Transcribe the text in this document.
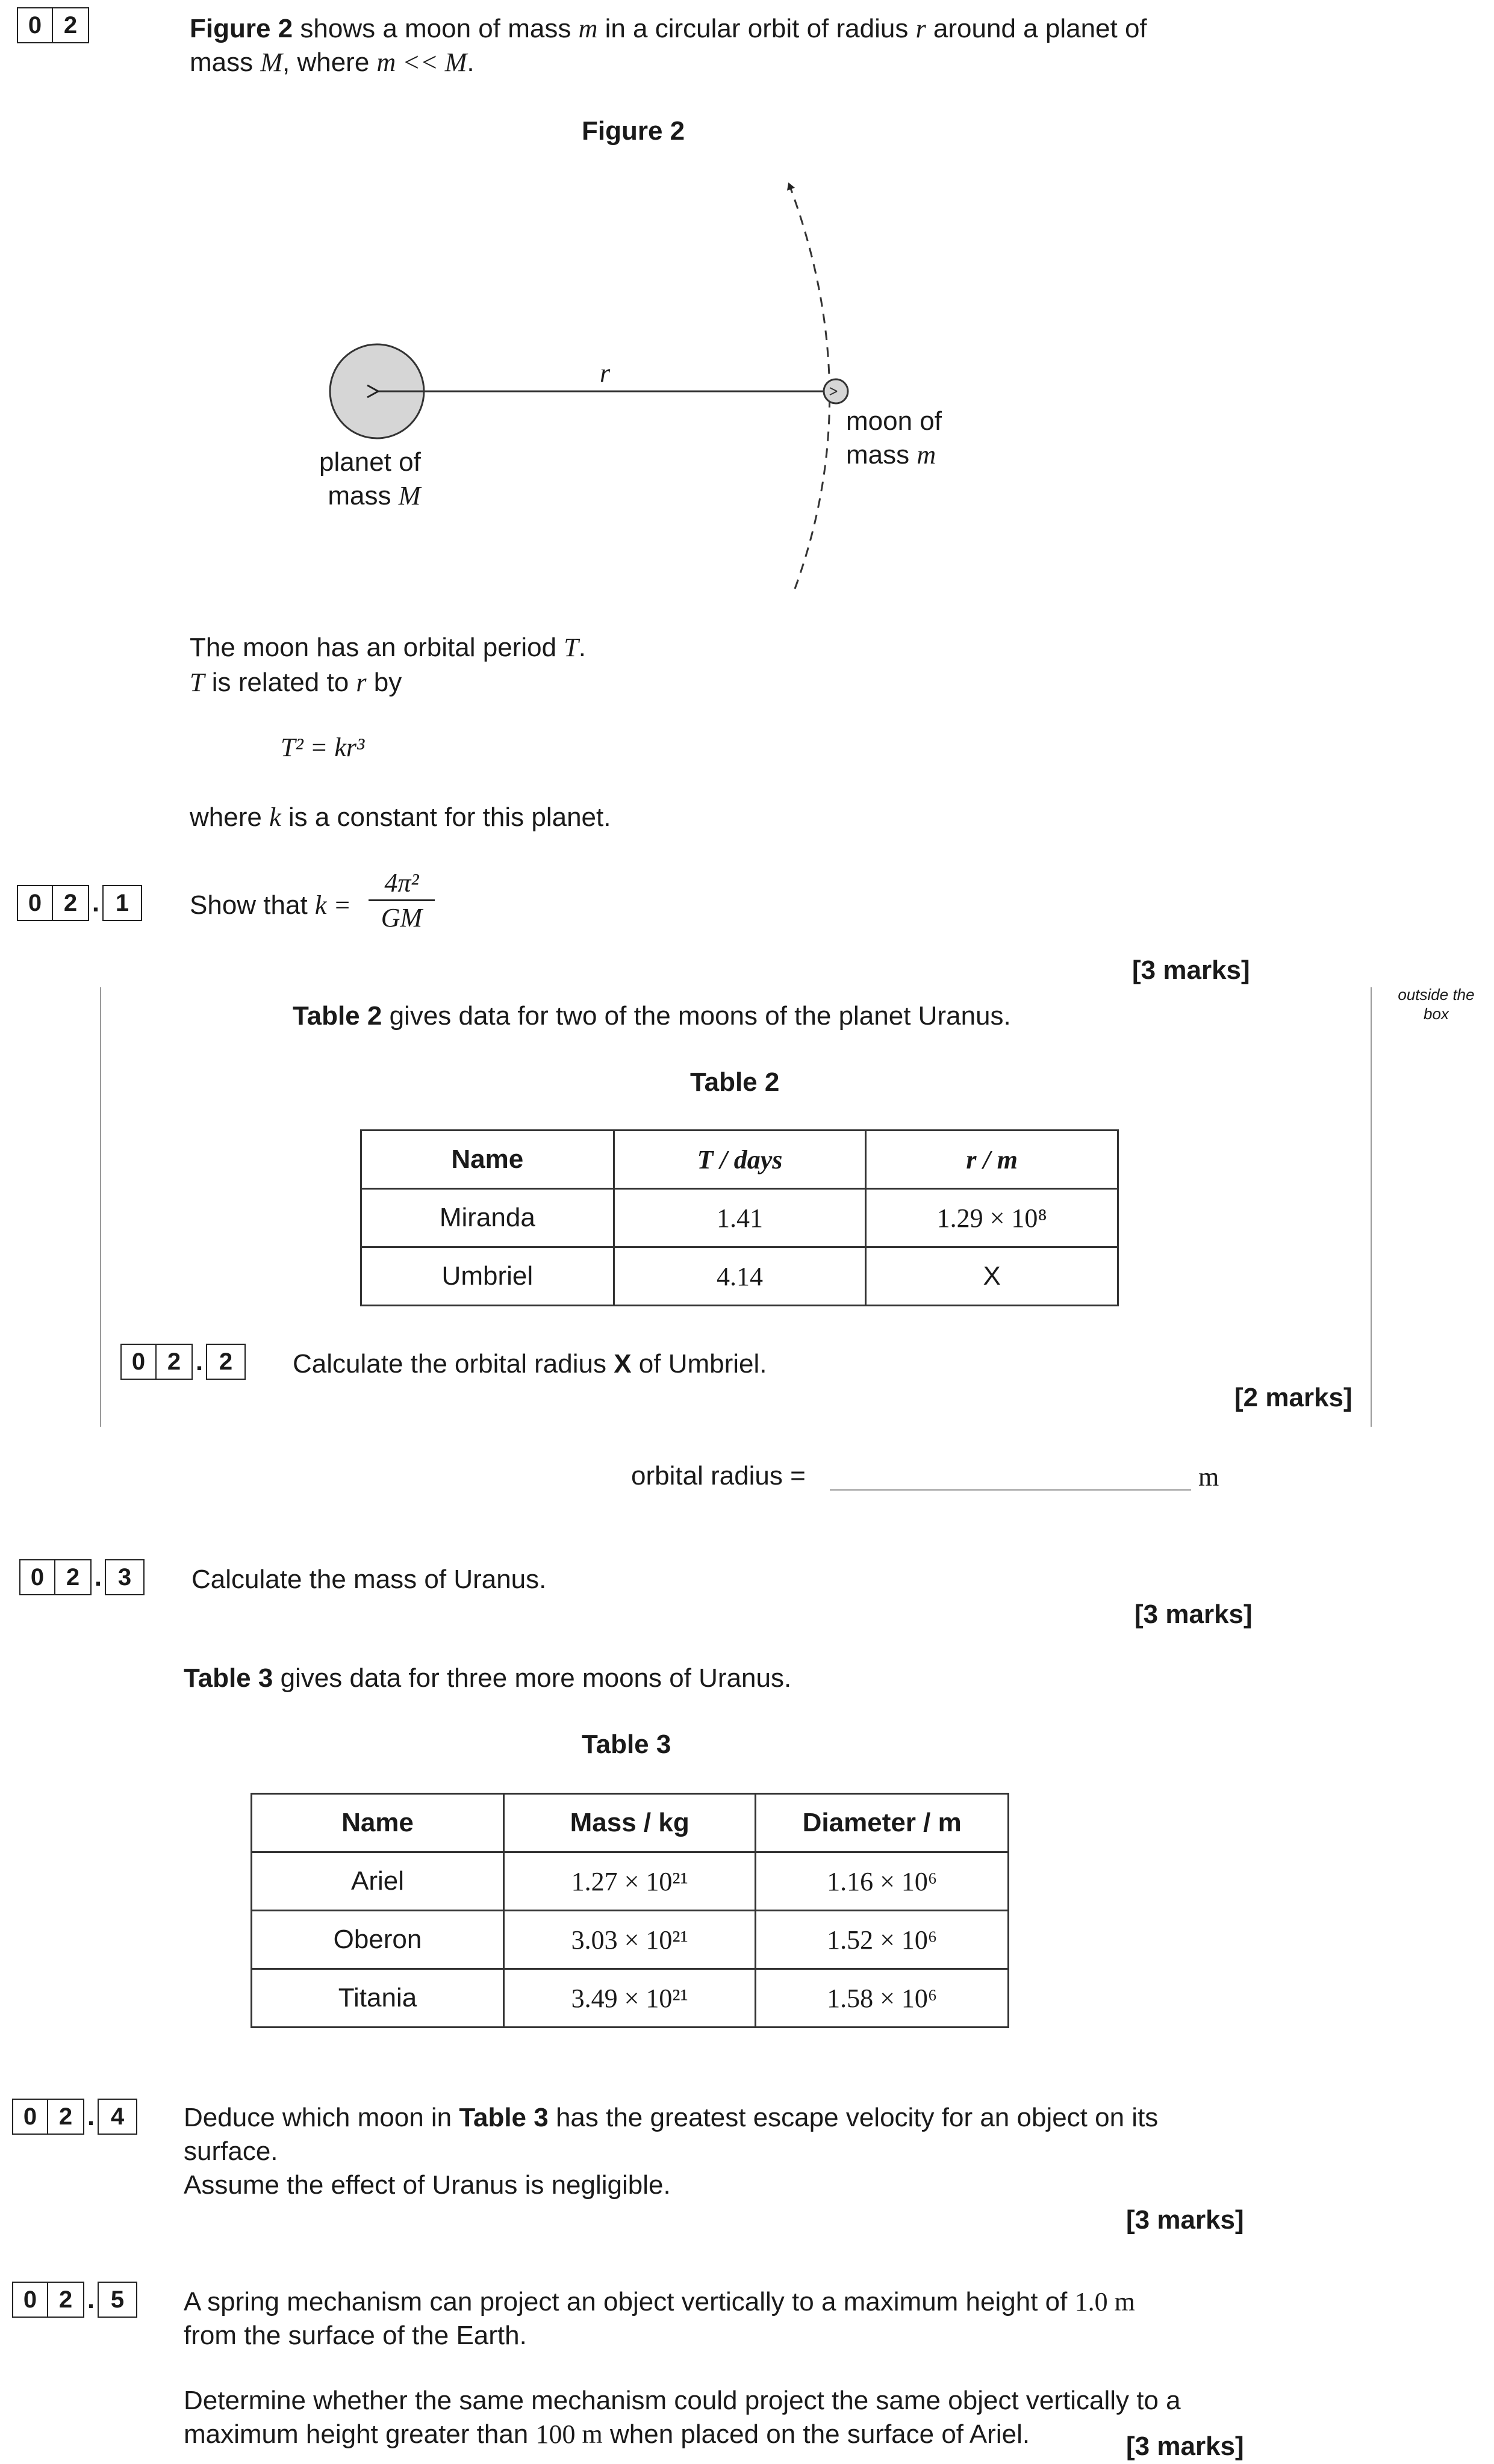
0 2	Figure 2 shows a moon of mass m in a circular orbit of radius r around a planet of
mass M, where m << M.
Figure 2
r
planet of
mass M
moon of
mass m
The moon has an orbital period T.
T is related to r by
T² = kr³
where k is a constant for this planet.
0 2 . 1	Show that k =
4π²
GM
[3 marks]
outside the box
Table 2 gives data for two of the moons of the planet Uranus.
Table 2
Name	T / days	r / m
Miranda	1.41	1.29 × 10⁸
Umbriel	4.14	X
0 2 . 2	Calculate the orbital radius X of Umbriel.
[2 marks]
orbital radius =	m
0 2 . 3	Calculate the mass of Uranus.
[3 marks]
Table 3 gives data for three more moons of Uranus.
Table 3
Name	Mass / kg	Diameter / m
Ariel	1.27 × 10²¹	1.16 × 10⁶
Oberon	3.03 × 10²¹	1.52 × 10⁶
Titania	3.49 × 10²¹	1.58 × 10⁶
0 2 . 4	Deduce which moon in Table 3 has the greatest escape velocity for an object on its
surface.
Assume the effect of Uranus is negligible.
[3 marks]
0 2 . 5	A spring mechanism can project an object vertically to a maximum height of 1.0 m
from the surface of the Earth.
Determine whether the same mechanism could project the same object vertically to a
maximum height greater than 100 m when placed on the surface of Ariel.	[3 marks]
